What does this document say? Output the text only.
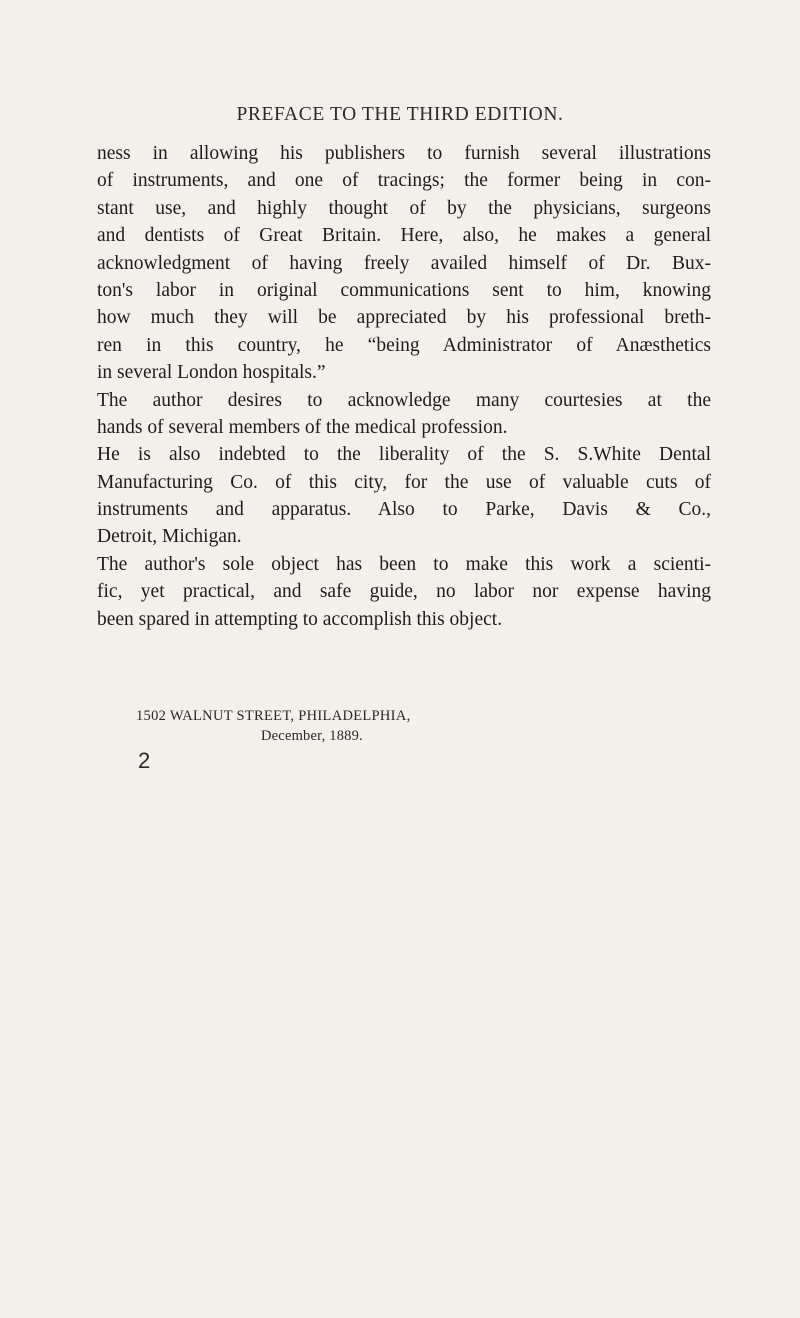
PREFACE TO THE THIRD EDITION.
ness in allowing his publishers to furnish several illustrations
of instruments, and one of tracings; the former being in con-
stant use, and highly thought of by the physicians, surgeons
and dentists of Great Britain. Here, also, he makes a general
acknowledgment of having freely availed himself of Dr. Bux-
ton's labor in original communications sent to him, knowing
how much they will be appreciated by his professional breth-
ren in this country, he “being Administrator of Anæsthetics
in several London hospitals.”
The author desires to acknowledge many courtesies at the
hands of several members of the medical profession.
He is also indebted to the liberality of the S. S.White Dental
Manufacturing Co. of this city, for the use of valuable cuts of
instruments and apparatus. Also to Parke, Davis & Co.,
Detroit, Michigan.
The author's sole object has been to make this work a scienti-
fic, yet practical, and safe guide, no labor nor expense having
been spared in attempting to accomplish this object.
1502 WALNUT STREET, PHILADELPHIA,
December, 1889.
2
